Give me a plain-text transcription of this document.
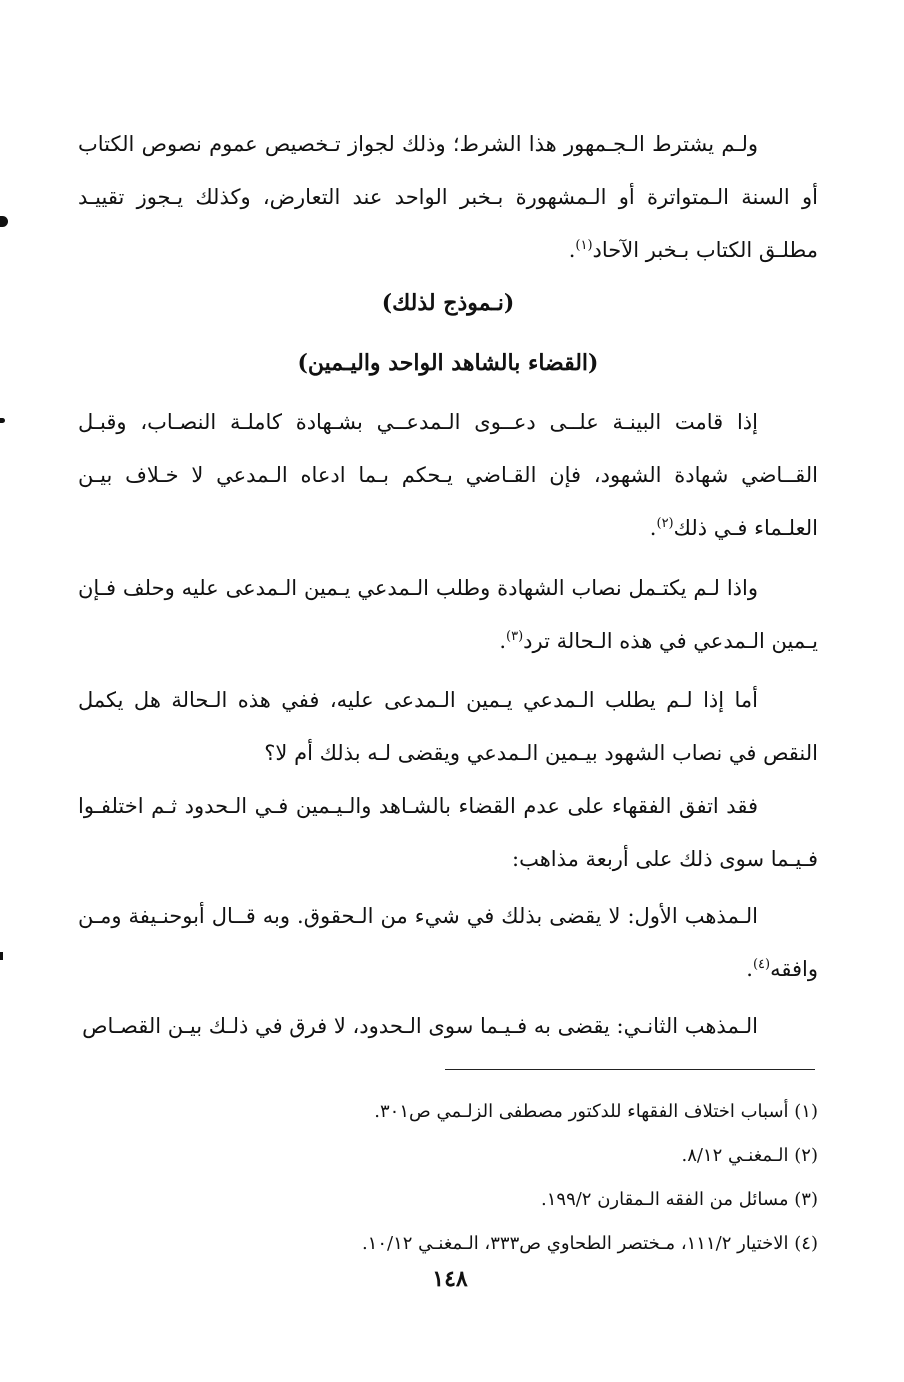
ولـم يشترط الـجـمهور هذا الشرط؛ وذلك لجواز تـخصيص عموم نصوص الكتاب أو السنة الـمتواترة أو الـمشهورة بـخبر الواحد عند التعارض، وكذلك يـجوز تقييـد مطلـق الكتاب بـخبر الآحاد$^{(١)}$.

(نـموذج لذلك)
(القضاء بالشاهد الواحد واليـمين)

إذا قامت البينـة علــى دعــوى الـمدعــي بشـهادة كاملـة النصـاب، وقبـل القــاضي شهادة الشهود، فإن القـاضي يـحكم بـما ادعاه الـمدعي لا خـلاف بيـن العلـماء فـي ذلك$^{(٢)}$.

واذا لـم يكتـمل نصاب الشهادة وطلب الـمدعي يـمين الـمدعى عليه وحلف فـإن يـمين الـمدعي في هذه الـحالة ترد$^{(٣)}$.

أما إذا لـم يطلب الـمدعي يـمين الـمدعى عليه، ففي هذه الـحالة هل يكمل النقص في نصاب الشهود بيـمين الـمدعي ويقضى لـه بذلك أم لا؟

فقد اتفق الفقهاء على عدم القضاء بالشـاهد والـيـمين فـي الـحدود ثـم اختلفـوا فـيـما سوى ذلك على أربعة مذاهب:

الـمذهب الأول: لا يقضى بذلك في شيء من الـحقوق. وبه قــال أبوحنـيفة ومـن وافقه$^{(٤)}$.

الـمذهب الثانـي: يقضى به فـيـما سوى الـحدود، لا فرق في ذلـك بيـن القصـاص

(١) أسباب اختلاف الفقهاء للدكتور مصطفى الزلـمي ص٣٠١.

(٢) الـمغنـي ٨/١٢.

(٣) مسائل من الفقه الـمقارن ١٩٩/٢.

(٤) الاختيار ١١١/٢، مـختصر الطحاوي ص٣٣٣، الـمغنـي ١٠/١٢.

١٤٨
